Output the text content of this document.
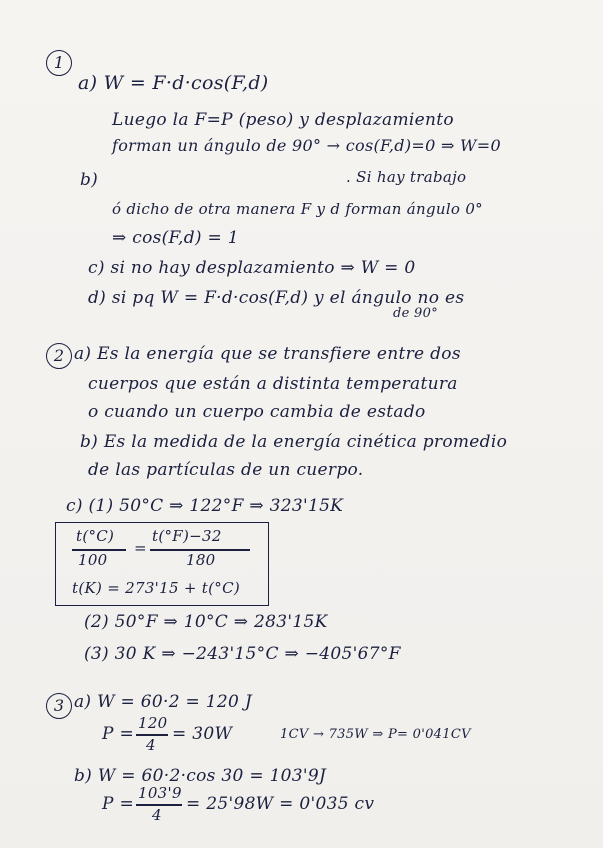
1
a) W = F·d·cos(F,d)
Luego la F=P (peso) y desplazamiento
forman un ángulo de 90° → cos(F,d)=0 ⇒ W=0
b)	. Si hay trabajo
ó dicho de otra manera F y d forman ángulo 0°
⇒ cos(F,d) = 1
c) si no hay desplazamiento ⇒ W = 0
d) si pq W = F·d·cos(F,d) y el ángulo no es
de 90°
2 a) Es la energía que se transfiere entre dos
cuerpos que están a distinta temperatura
o cuando un cuerpo cambia de estado
b) Es la medida de la energía cinética promedio
de las partículas de un cuerpo.
c) (1) 50°C ⇒ 122°F ⇒ 323'15K
t(°C)
100
=
t(°F)−32
180
t(K) = 273'15 + t(°C)
(2) 50°F ⇒ 10°C ⇒ 283'15K
(3) 30 K ⇒ −243'15°C ⇒ −405'67°F
3 a) W = 60·2 = 120 J
P =
120
4
= 30W	1CV → 735W ⇒ P= 0'041CV
b) W = 60·2·cos 30 = 103'9J
P =
103'9
4
= 25'98W = 0'035 cv
